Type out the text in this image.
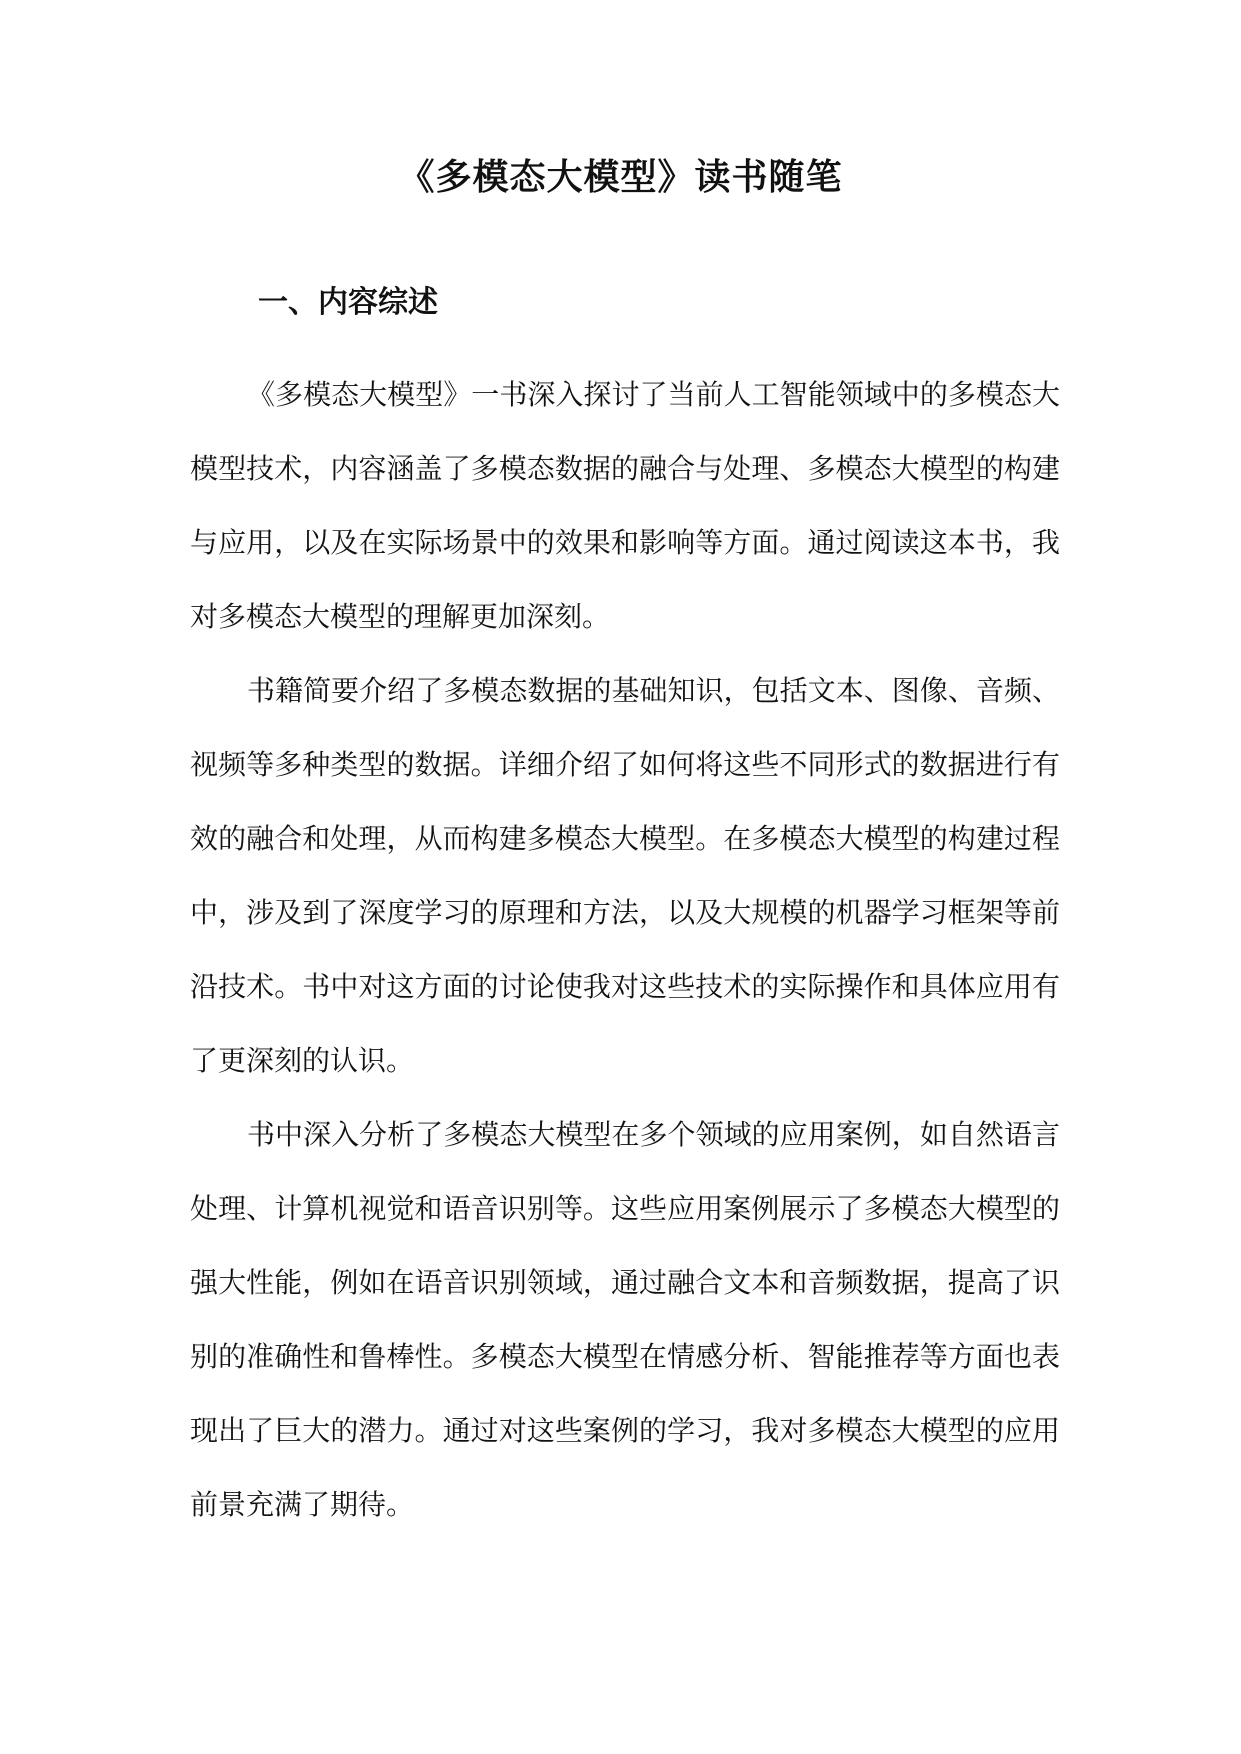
《多模态大模型》读书随笔
一、内容综述

《多模态大模型》一书深入探讨了当前人工智能领域中的多模态大模型技术，内容涵盖了多模态数据的融合与处理、多模态大模型的构建与应用，以及在实际场景中的效果和影响等方面。通过阅读这本书，我对多模态大模型的理解更加深刻。

书籍简要介绍了多模态数据的基础知识，包括文本、图像、音频、视频等多种类型的数据。详细介绍了如何将这些不同形式的数据进行有效的融合和处理，从而构建多模态大模型。在多模态大模型的构建过程中，涉及到了深度学习的原理和方法，以及大规模的机器学习框架等前沿技术。书中对这方面的讨论使我对这些技术的实际操作和具体应用有了更深刻的认识。

书中深入分析了多模态大模型在多个领域的应用案例，如自然语言处理、计算机视觉和语音识别等。这些应用案例展示了多模态大模型的强大性能，例如在语音识别领域，通过融合文本和音频数据，提高了识别的准确性和鲁棒性。多模态大模型在情感分析、智能推荐等方面也表现出了巨大的潜力。通过对这些案例的学习，我对多模态大模型的应用前景充满了期待。
